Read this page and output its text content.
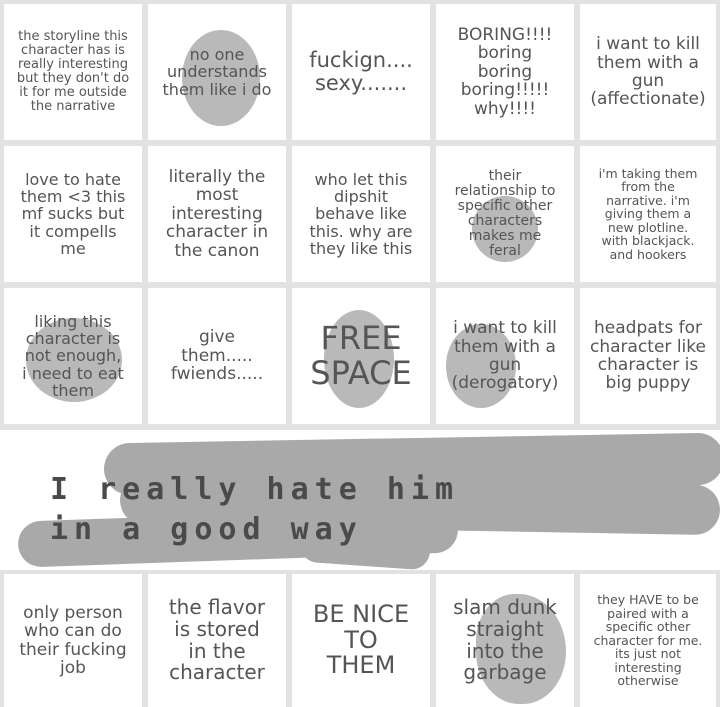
the storyline this
character has is
really interesting
but they don't do
it for me outside
the narrative
no one
understands
them like i do
fuckign....
sexy.......
BORING!!!!
boring
boring
boring!!!!!
why!!!!
i want to kill
them with a
gun
(affectionate)
love to hate
them <3 this
mf sucks but
it compells
me
literally the
most
interesting
character in
the canon
who let this
dipshit
behave like
this. why are
they like this
their
relationship to
specific other
characters
makes me
feral
i'm taking them
from the
narrative. i'm
giving them a
new plotline.
with blackjack.
and hookers
liking this
character is
not enough,
i need to eat
them
give
them.....
fwiends.....
FREE
SPACE
i want to kill
them with a
gun
(derogatory)
headpats for
character like
character is
big puppy
I really hate him
in a good way
only person
who can do
their fucking
job
the flavor
is stored
in the
character
BE NICE
TO
THEM
slam dunk
straight
into the
garbage
they HAVE to be
paired with a
specific other
character for me.
its just not
interesting
otherwise
